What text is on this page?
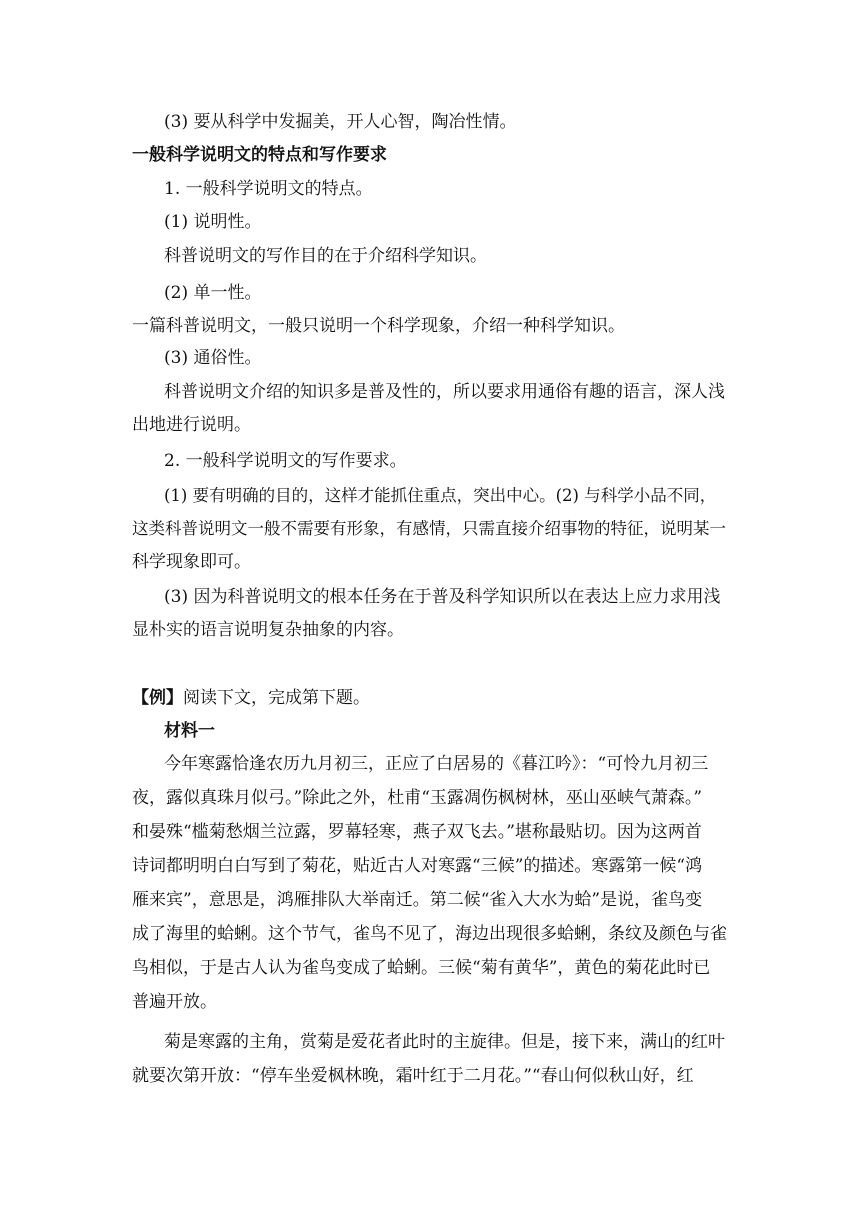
(3) 要从科学中发掘美，开人心智，陶冶性情。
一般科学说明文的特点和写作要求
1. 一般科学说明文的特点。
(1) 说明性。
科普说明文的写作目的在于介绍科学知识。
(2) 单一性。
一篇科普说明文，一般只说明一个科学现象，介绍一种科学知识。
(3) 通俗性。
科普说明文介绍的知识多是普及性的，所以要求用通俗有趣的语言，深人浅
出地进行说明。
2. 一般科学说明文的写作要求。
(1) 要有明确的目的，这样才能抓住重点，突出中心。(2) 与科学小品不同，
这类科普说明文一般不需要有形象，有感情，只需直接介绍事物的特征，说明某一
科学现象即可。
(3) 因为科普说明文的根本任务在于普及科学知识所以在表达上应力求用浅
显朴实的语言说明复杂抽象的内容。
【例】阅读下文，完成第下题。
材料一
今年寒露恰逢农历九月初三，正应了白居易的《暮江吟》：“可怜九月初三
夜，露似真珠月似弓。”除此之外，杜甫“玉露凋伤枫树林，巫山巫峡气萧森。”
和晏殊“槛菊愁烟兰泣露，罗幕轻寒，燕子双飞去。”堪称最贴切。因为这两首
诗词都明明白白写到了菊花，贴近古人对寒露“三候”的描述。寒露第一候“鸿
雁来宾”，意思是，鸿雁排队大举南迁。第二候“雀入大水为蛤”是说，雀鸟变
成了海里的蛤蜊。这个节气，雀鸟不见了，海边出现很多蛤蜊，条纹及颜色与雀
鸟相似，于是古人认为雀鸟变成了蛤蜊。三候“菊有黄华”，黄色的菊花此时已
普遍开放。
菊是寒露的主角，赏菊是爱花者此时的主旋律。但是，接下来，满山的红叶
就要次第开放：“停车坐爱枫林晚，霜叶红于二月花。”“春山何似秋山好，红
